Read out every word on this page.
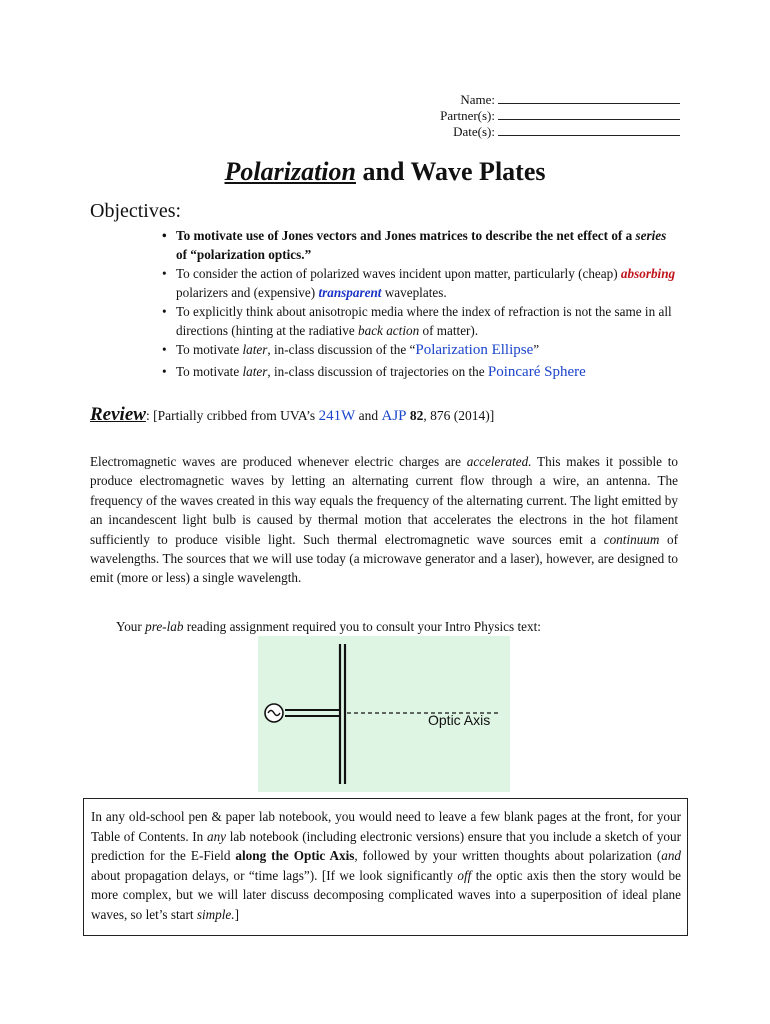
Name:
Partner(s):
Date(s):
Polarization and Wave Plates
Objectives:
• To motivate use of Jones vectors and Jones matrices to describe the net effect of a series of “polarization optics.”
• To consider the action of polarized waves incident upon matter, particularly (cheap) absorbing polarizers and (expensive) transparent waveplates.
• To explicitly think about anisotropic media where the index of refraction is not the same in all directions (hinting at the radiative back action of matter).
• To motivate later, in-class discussion of the “Polarization Ellipse”
• To motivate later, in-class discussion of trajectories on the Poincaré Sphere
Review: [Partially cribbed from UVA’s 241W and AJP 82, 876 (2014)]
Electromagnetic waves are produced whenever electric charges are accelerated. This makes it possible to produce electromagnetic waves by letting an alternating current flow through a wire, an antenna. The frequency of the waves created in this way equals the frequency of the alternating current. The light emitted by an incandescent light bulb is caused by thermal motion that accelerates the electrons in the hot filament sufficiently to produce visible light. Such thermal electromagnetic wave sources emit a continuum of wavelengths. The sources that we will use today (a microwave generator and a laser), however, are designed to emit (more or less) a single wavelength.
Your pre-lab reading assignment required you to consult your Intro Physics text:
Optic Axis
In any old-school pen & paper lab notebook, you would need to leave a few blank pages at the front, for your Table of Contents. In any lab notebook (including electronic versions) ensure that you include a sketch of your prediction for the E-Field along the Optic Axis, followed by your written thoughts about polarization (and about propagation delays, or “time lags”). [If we look significantly off the optic axis then the story would be more complex, but we will later discuss decomposing complicated waves into a superposition of ideal plane waves, so let’s start simple.]
